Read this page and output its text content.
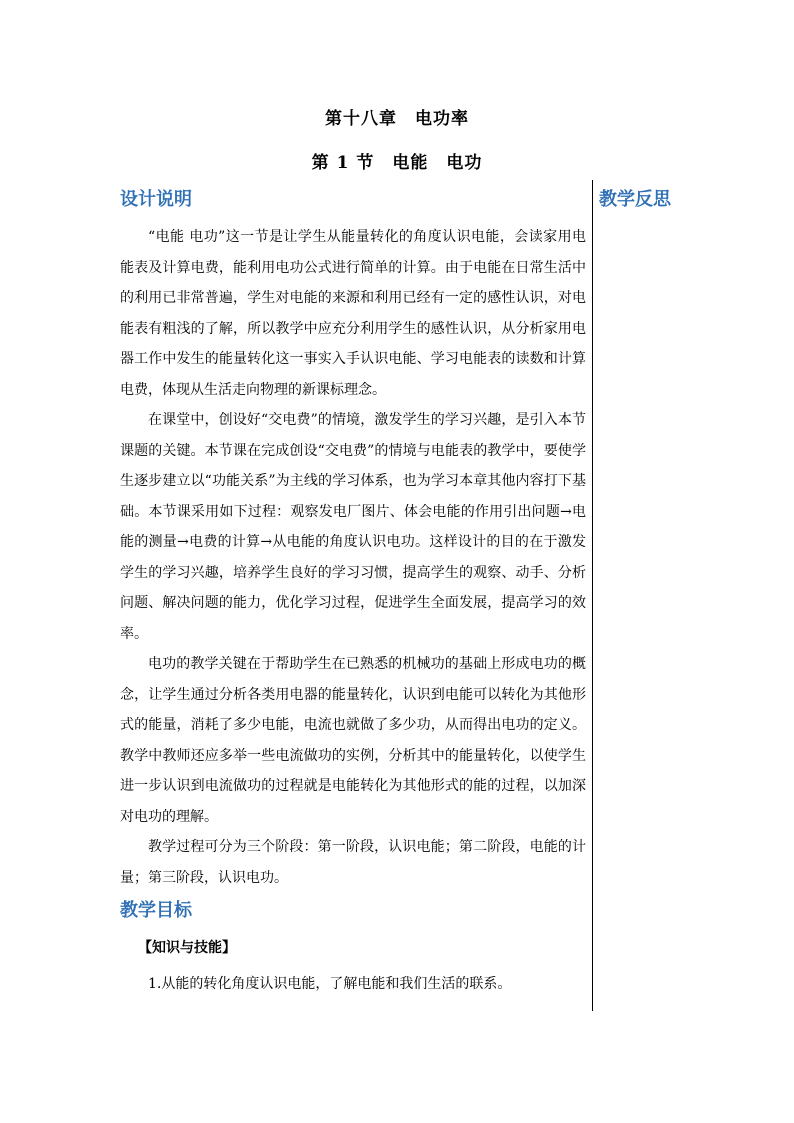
第十八章　电功率
第 1 节　电能　电功
设计说明

“电能 电功”这一节是让学生从能量转化的角度认识电能，会读家用电能表及计算电费，能利用电功公式进行简单的计算。由于电能在日常生活中的利用已非常普遍，学生对电能的来源和利用已经有一定的感性认识，对电能表有粗浅的了解，所以教学中应充分利用学生的感性认识，从分析家用电器工作中发生的能量转化这一事实入手认识电能、学习电能表的读数和计算电费，体现从生活走向物理的新课标理念。

在课堂中，创设好“交电费”的情境，激发学生的学习兴趣，是引入本节课题的关键。本节课在完成创设“交电费”的情境与电能表的教学中，要使学生逐步建立以“功能关系”为主线的学习体系，也为学习本章其他内容打下基础。本节课采用如下过程：观察发电厂图片、体会电能的作用引出问题→电能的测量→电费的计算→从电能的角度认识电功。这样设计的目的在于激发学生的学习兴趣，培养学生良好的学习习惯，提高学生的观察、动手、分析问题、解决问题的能力，优化学习过程，促进学生全面发展，提高学习的效率。

电功的教学关键在于帮助学生在已熟悉的机械功的基础上形成电功的概念，让学生通过分析各类用电器的能量转化，认识到电能可以转化为其他形式的能量，消耗了多少电能，电流也就做了多少功，从而得出电功的定义。教学中教师还应多举一些电流做功的实例，分析其中的能量转化，以使学生进一步认识到电流做功的过程就是电能转化为其他形式的能的过程，以加深对电功的理解。

教学过程可分为三个阶段：第一阶段，认识电能；第二阶段，电能的计量；第三阶段，认识电功。

教学目标
【知识与技能】
1.从能的转化角度认识电能，了解电能和我们生活的联系。
教学反思
